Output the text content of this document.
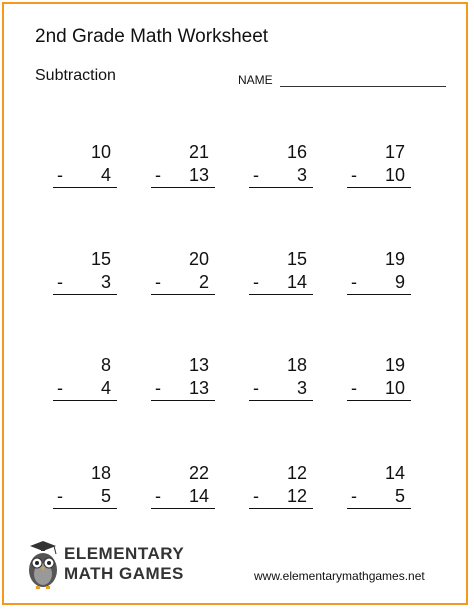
2nd Grade Math Worksheet
Subtraction	NAME
10
- 4
21
- 13
16
- 3
17
- 10
15
- 3
20
- 2
15
- 14
19
- 9
8
- 4
13
- 13
18
- 3
19
- 10
18
- 5
22
- 14
12
- 12
14
- 5
ELEMENTARY
MATH GAMES	www.elementarymathgames.net
